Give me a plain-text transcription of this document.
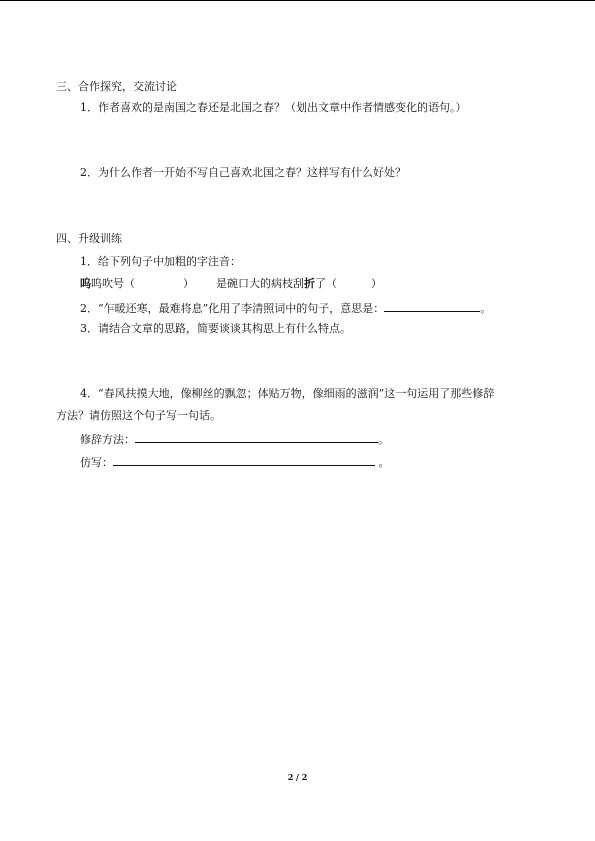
三、合作探究，交流讨论
1．作者喜欢的是南国之春还是北国之春？（划出文章中作者情感变化的语句。）
2．为什么作者一开始不写自己喜欢北国之春？这样写有什么好处？
四、升级训练
1．给下列句子中加粗的字注音：
呜呜吹号（	） 是碗口大的病枝刮折了（	）
2．“乍暖还寒，最难将息”化用了李清照词中的句子，意思是：	。
3．请结合文章的思路，简要谈谈其构思上有什么特点。
4．“春风扶摸大地，像柳丝的飘忽；体贴万物，像细雨的滋润”这一句运用了那些修辞
方法？请仿照这个句子写一句话。
修辞方法：	。
仿写：	。
2 / 2
